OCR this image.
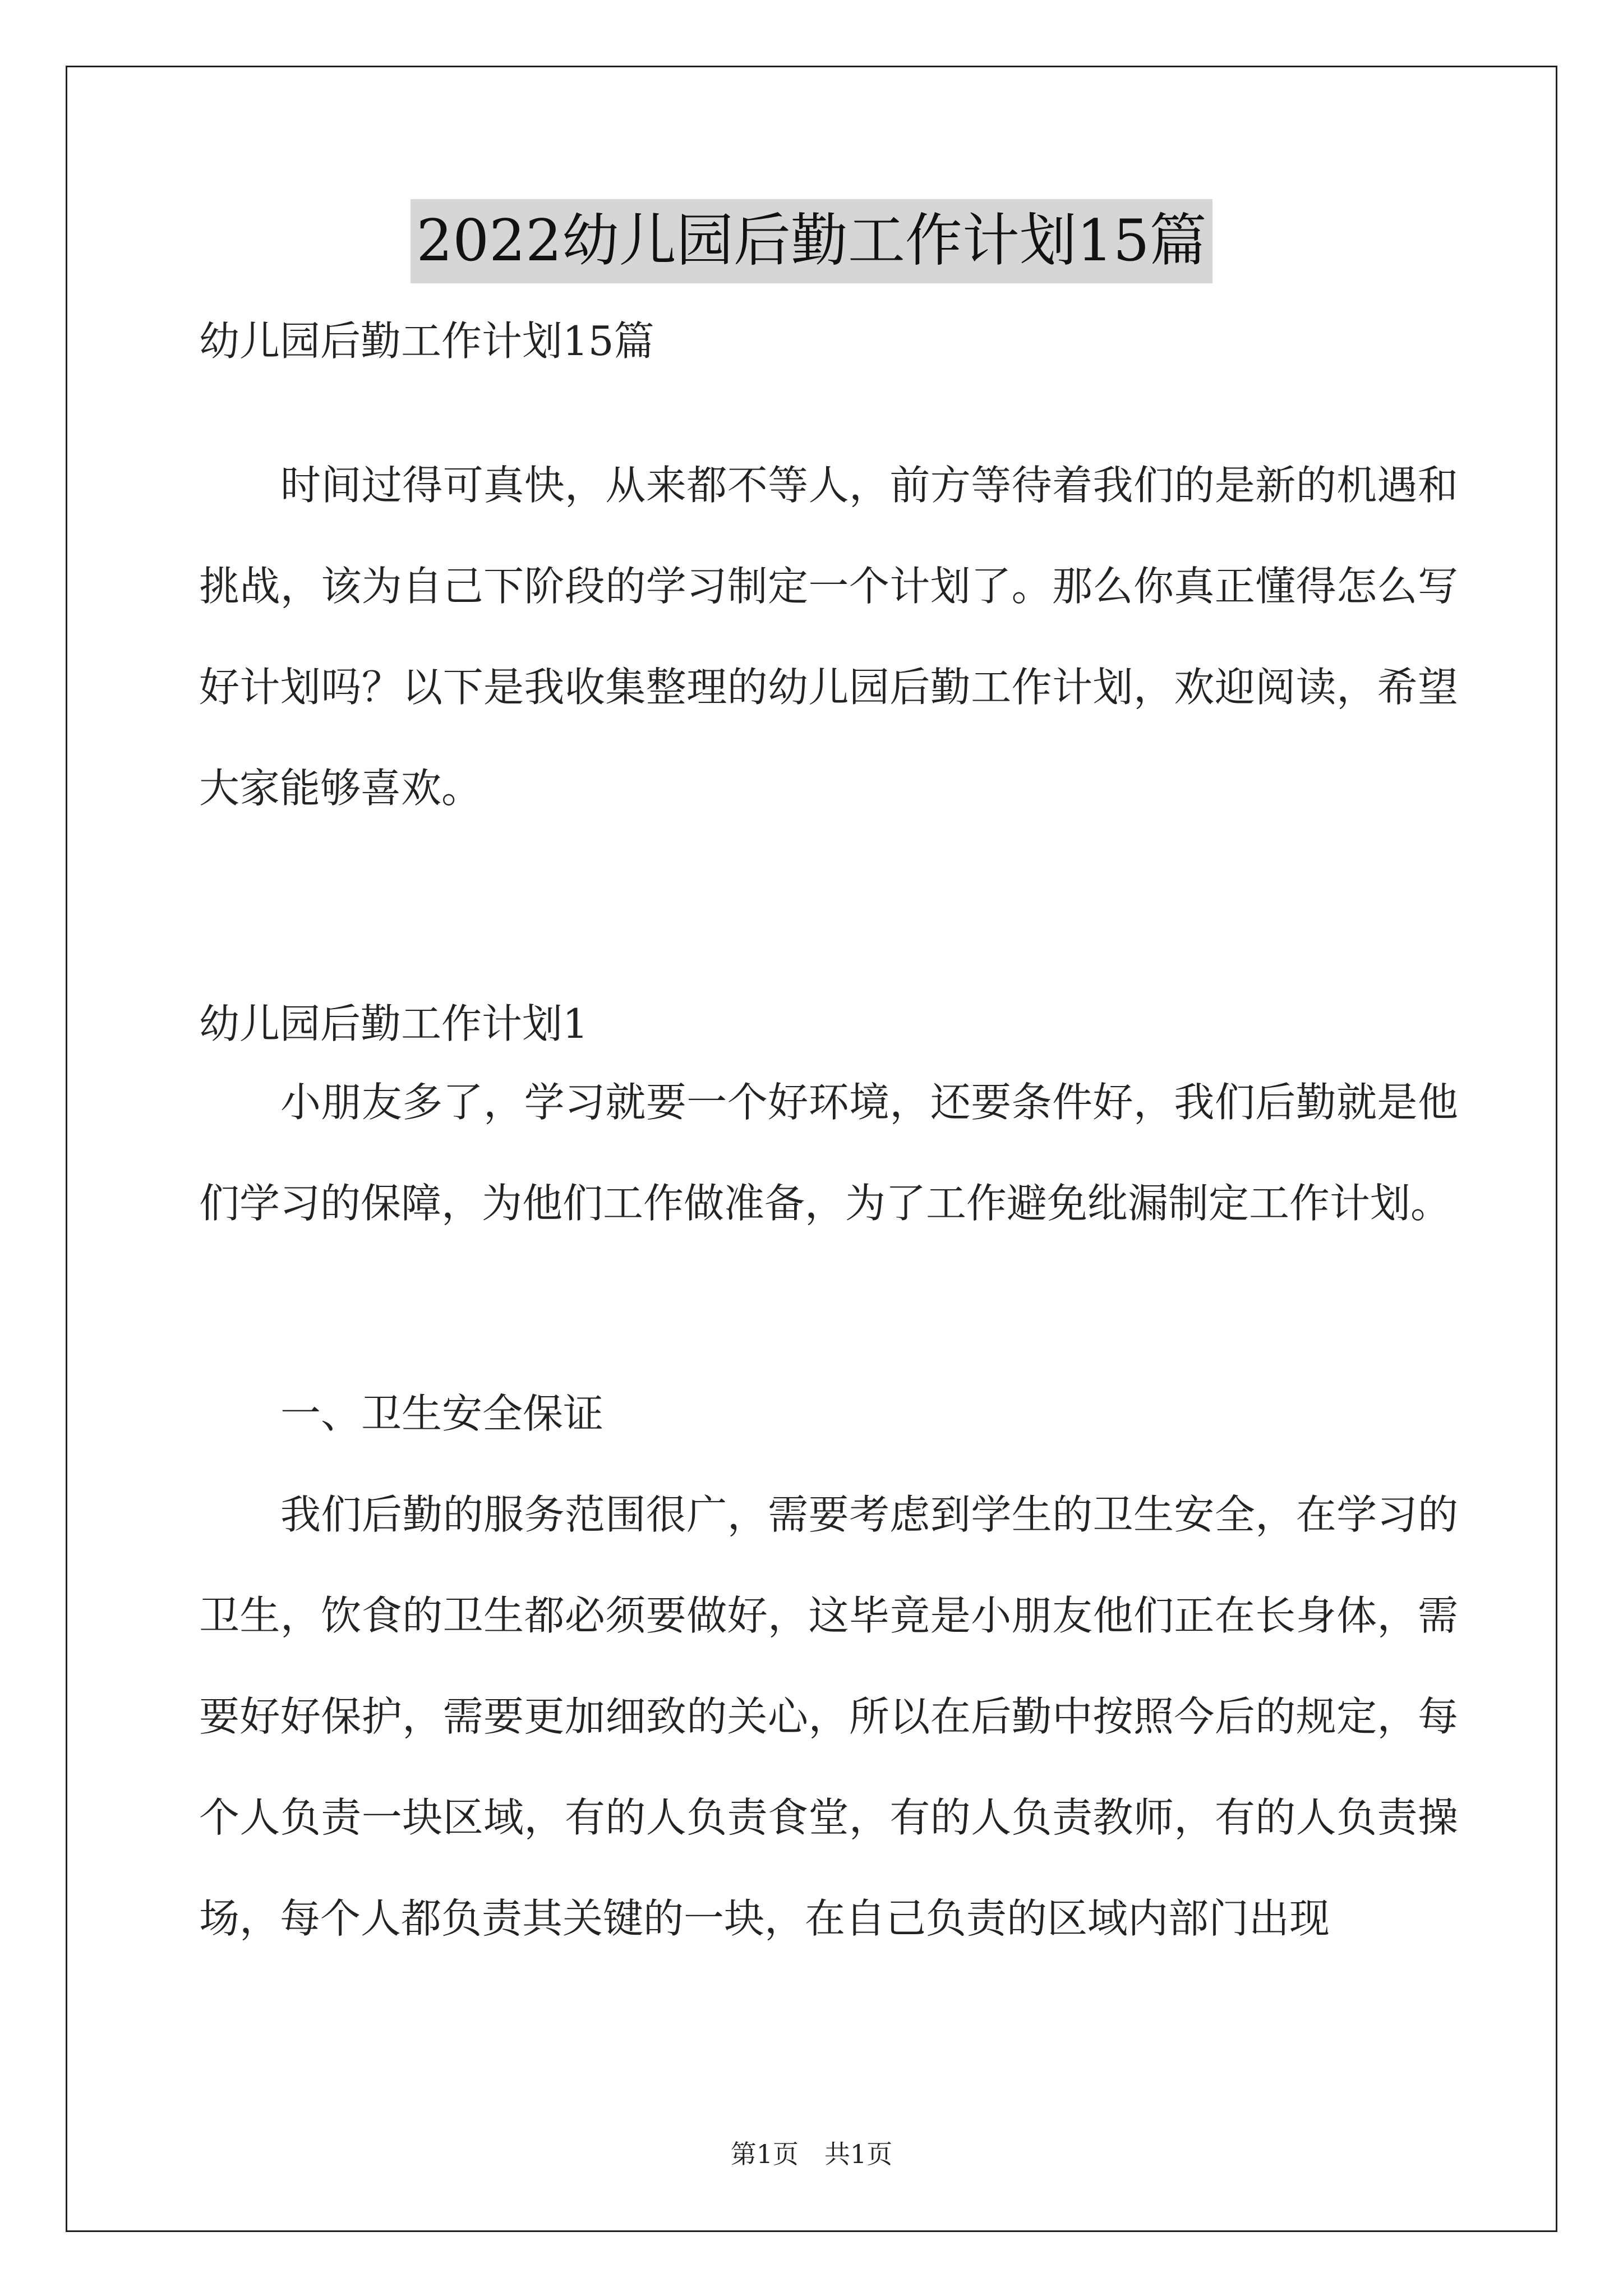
2022幼儿园后勤工作计划15篇
幼儿园后勤工作计划15篇

时间过得可真快，从来都不等人，前方等待着我们的是新的机遇和挑战，该为自己下阶段的学习制定一个计划了。那么你真正懂得怎么写好计划吗？以下是我收集整理的幼儿园后勤工作计划，欢迎阅读，希望大家能够喜欢。

幼儿园后勤工作计划1

小朋友多了，学习就要一个好环境，还要条件好，我们后勤就是他们学习的保障，为他们工作做准备，为了工作避免纰漏制定工作计划。

一、卫生安全保证

我们后勤的服务范围很广，需要考虑到学生的卫生安全，在学习的卫生，饮食的卫生都必须要做好，这毕竟是小朋友他们正在长身体，需要好好保护，需要更加细致的关心，所以在后勤中按照今后的规定，每个人负责一块区域，有的人负责食堂，有的人负责教师，有的人负责操场，每个人都负责其关键的一块，在自己负责的区域内部门出现

第1页 共1页
